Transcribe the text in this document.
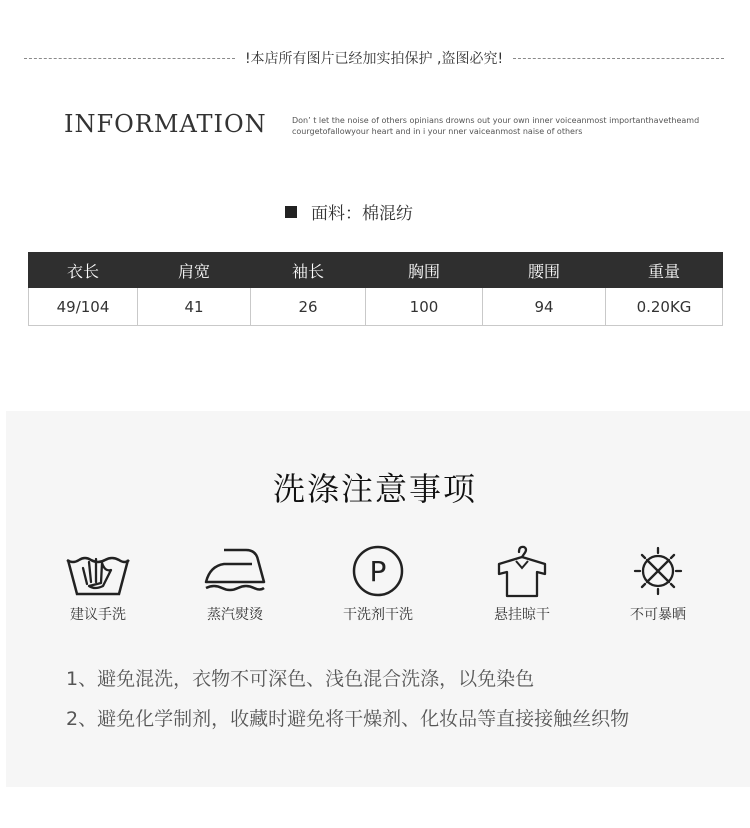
!本店所有图片已经加实拍保护 ,盗图必究!
INFORMATION	Don’ t let the noise of others opinians drowns out your own inner voiceanmost importanthavetheamd
courgetofallowyour heart and in i your nner vaiceanmost naise of others
面料：棉混纺
衣长	肩宽	袖长	胸围	腰围	重量
49/104	41	26	100	94	0.20KG
洗涤注意事项
建议手洗	蒸汽熨烫
P
干洗剂干洗	悬挂晾干	不可暴晒
1、避免混洗，衣物不可深色、浅色混合洗涤，以免染色
2、避免化学制剂，收藏时避免将干燥剂、化妆品等直接接触丝织物
